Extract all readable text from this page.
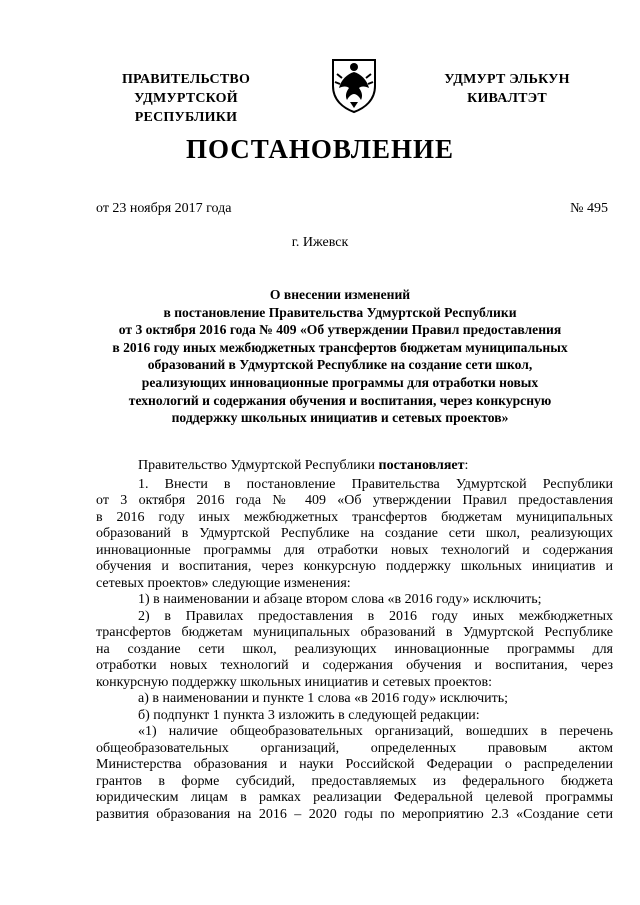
ПРАВИТЕЛЬСТВО
УДМУРТСКОЙ РЕСПУБЛИКИ
УДМУРТ ЭЛЬКУН
КИВАЛТЭТ
ПОСТАНОВЛЕНИЕ
от 23 ноября 2017 года	№ 495
г. Ижевск
О внесении изменений
в постановление Правительства Удмуртской Республики
от 3 октября 2016 года № 409 «Об утверждении Правил предоставления
в 2016 году иных межбюджетных трансфертов бюджетам муниципальных
образований в Удмуртской Республике на создание сети школ,
реализующих инновационные программы для отработки новых
технологий и содержания обучения и воспитания, через конкурсную
поддержку школьных инициатив и сетевых проектов»

Правительство Удмуртской Республики постановляет:

1. Внести в постановление Правительства Удмуртской Республики
от 3 октября 2016 года № 409 «Об утверждении Правил предоставления
в 2016 году иных межбюджетных трансфертов бюджетам муниципальных
образований в Удмуртской Республике на создание сети школ, реализующих
инновационные программы для отработки новых технологий и содержания
обучения и воспитания, через конкурсную поддержку школьных инициатив и
сетевых проектов» следующие изменения:

1) в наименовании и абзаце втором слова «в 2016 году» исключить;

2) в Правилах предоставления в 2016 году иных межбюджетных
трансфертов бюджетам муниципальных образований в Удмуртской Республике
на создание сети школ, реализующих инновационные программы для
отработки новых технологий и содержания обучения и воспитания, через
конкурсную поддержку школьных инициатив и сетевых проектов:

а) в наименовании и пункте 1 слова «в 2016 году» исключить;

б) подпункт 1 пункта 3 изложить в следующей редакции:

«1) наличие общеобразовательных организаций, вошедших в перечень
общеобразовательных организаций, определенных правовым актом
Министерства образования и науки Российской Федерации о распределении
грантов в форме субсидий, предоставляемых из федерального бюджета
юридическим лицам в рамках реализации Федеральной целевой программы
развития образования на 2016 – 2020 годы по мероприятию 2.3 «Создание сети
